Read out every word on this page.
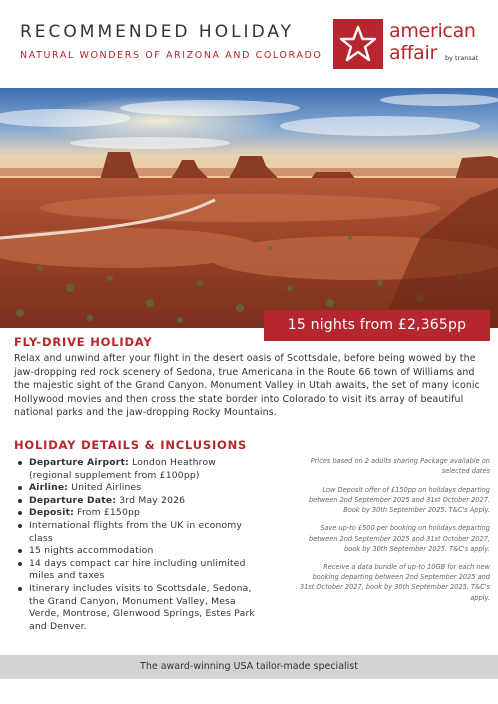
RECOMMENDED HOLIDAY
NATURAL WONDERS OF ARIZONA AND COLORADO
american
affair by transat
15 nights from £2,365pp
FLY-DRIVE HOLIDAY

Relax and unwind after your flight in the desert oasis of Scottsdale, before being wowed by the jaw-dropping red rock scenery of Sedona, true Americana in the Route 66 town of Williams and the majestic sight of the Grand Canyon. Monument Valley in Utah awaits, the set of many iconic Hollywood movies and then cross the state border into Colorado to visit its array of beautiful national parks and the jaw-dropping Rocky Mountains.

HOLIDAY DETAILS & INCLUSIONS
Departure Airport: London Heathrow (regional supplement from £100pp)
Airline: United Airlines
Departure Date: 3rd May 2026
Deposit: From £150pp
International flights from the UK in economy class
15 nights accommodation
14 days compact car hire including unlimited miles and taxes
Itinerary includes visits to Scottsdale, Sedona, the Grand Canyon, Monument Valley, Mesa Verde, Montrose, Glenwood Springs, Estes Park and Denver.

Prices based on 2 adults sharing Package available on selected dates

Low Deposit offer of £150pp on holidays departing between 2nd September 2025 and 31st October 2027. Book by 30th September 2025. T&C's Apply.

Save up-to £500 per booking on holidays departing between 2nd September 2025 and 31st October 2027, book by 30th September 2025. T&C's apply.

Receive a data bundle of up-to 10GB for each new booking departing between 2nd September 2025 and 31st October 2027, book by 30th September 2025. T&C's apply.

The award-winning USA tailor-made specialist
